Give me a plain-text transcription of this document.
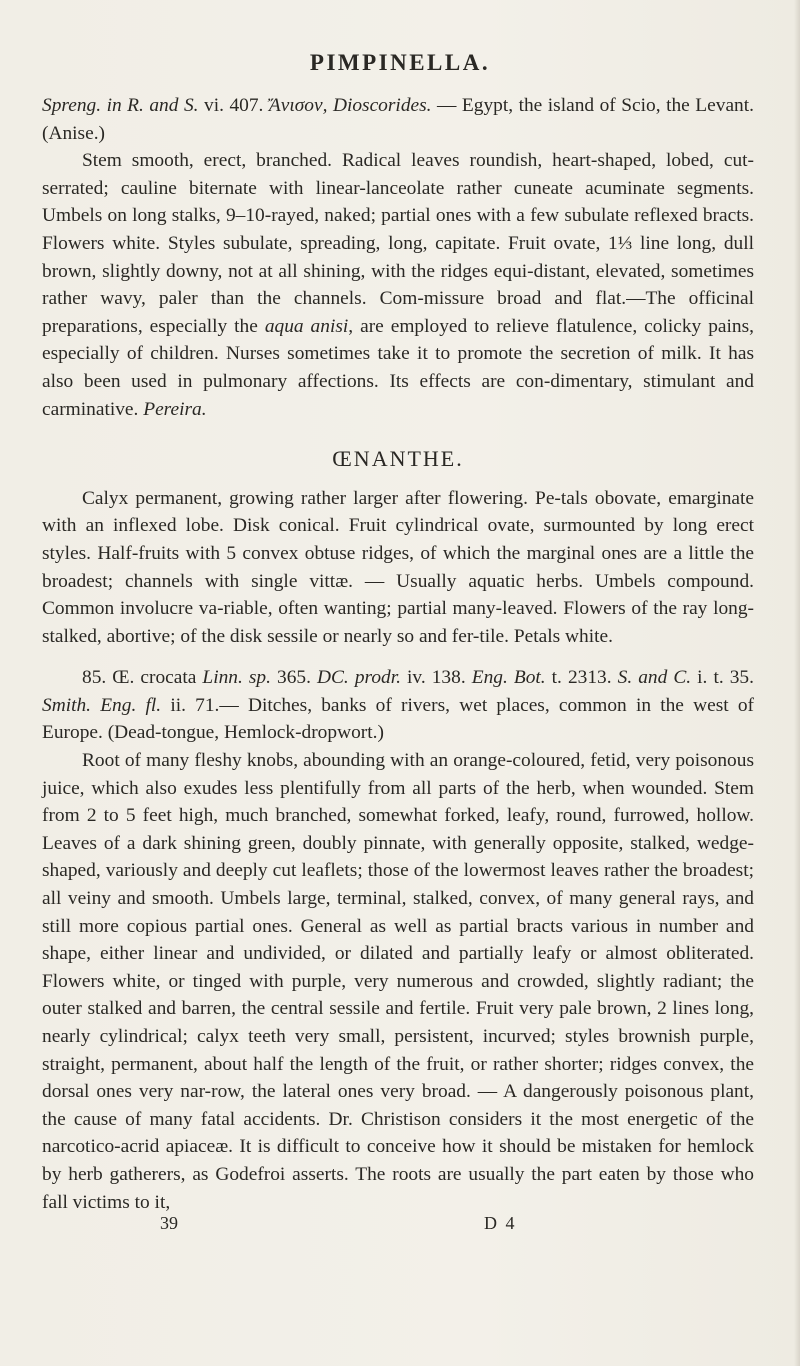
PIMPINELLA.

Spreng. in R. and S. vi. 407. Ἄνισον, Dioscorides. — Egypt, the island of Scio, the Levant. (Anise.)

Stem smooth, erect, branched. Radical leaves roundish, heart-shaped, lobed, cut-serrated; cauline biternate with linear-lanceolate rather cuneate acuminate segments. Umbels on long stalks, 9–10-rayed, naked; partial ones with a few subulate reflexed bracts. Flowers white. Styles subulate, spreading, long, capitate. Fruit ovate, 1⅓ line long, dull brown, slightly downy, not at all shining, with the ridges equi-distant, elevated, sometimes rather wavy, paler than the channels. Com-missure broad and flat.—The officinal preparations, especially the aqua anisi, are employed to relieve flatulence, colicky pains, especially of children. Nurses sometimes take it to promote the secretion of milk. It has also been used in pulmonary affections. Its effects are con-dimentary, stimulant and carminative. Pereira.

ŒNANTHE.

Calyx permanent, growing rather larger after flowering. Pe-tals obovate, emarginate with an inflexed lobe. Disk conical. Fruit cylindrical ovate, surmounted by long erect styles. Half-fruits with 5 convex obtuse ridges, of which the marginal ones are a little the broadest; channels with single vittæ. — Usually aquatic herbs. Umbels compound. Common involucre va-riable, often wanting; partial many-leaved. Flowers of the ray long-stalked, abortive; of the disk sessile or nearly so and fer-tile. Petals white.

85. Œ. crocata Linn. sp. 365. DC. prodr. iv. 138. Eng. Bot. t. 2313. S. and C. i. t. 35. Smith. Eng. fl. ii. 71.— Ditches, banks of rivers, wet places, common in the west of Europe. (Dead-tongue, Hemlock-dropwort.)

Root of many fleshy knobs, abounding with an orange-coloured, fetid, very poisonous juice, which also exudes less plentifully from all parts of the herb, when wounded. Stem from 2 to 5 feet high, much branched, somewhat forked, leafy, round, furrowed, hollow. Leaves of a dark shining green, doubly pinnate, with generally opposite, stalked, wedge-shaped, variously and deeply cut leaflets; those of the lowermost leaves rather the broadest; all veiny and smooth. Umbels large, terminal, stalked, convex, of many general rays, and still more copious partial ones. General as well as partial bracts various in number and shape, either linear and undivided, or dilated and partially leafy or almost obliterated. Flowers white, or tinged with purple, very numerous and crowded, slightly radiant; the outer stalked and barren, the central sessile and fertile. Fruit very pale brown, 2 lines long, nearly cylindrical; calyx teeth very small, persistent, incurved; styles brownish purple, straight, permanent, about half the length of the fruit, or rather shorter; ridges convex, the dorsal ones very nar-row, the lateral ones very broad. — A dangerously poisonous plant, the cause of many fatal accidents. Dr. Christison considers it the most energetic of the narcotico-acrid apiaceæ. It is difficult to conceive how it should be mistaken for hemlock by herb gatherers, as Godefroi asserts. The roots are usually the part eaten by those who fall victims to it,

39	D 4
